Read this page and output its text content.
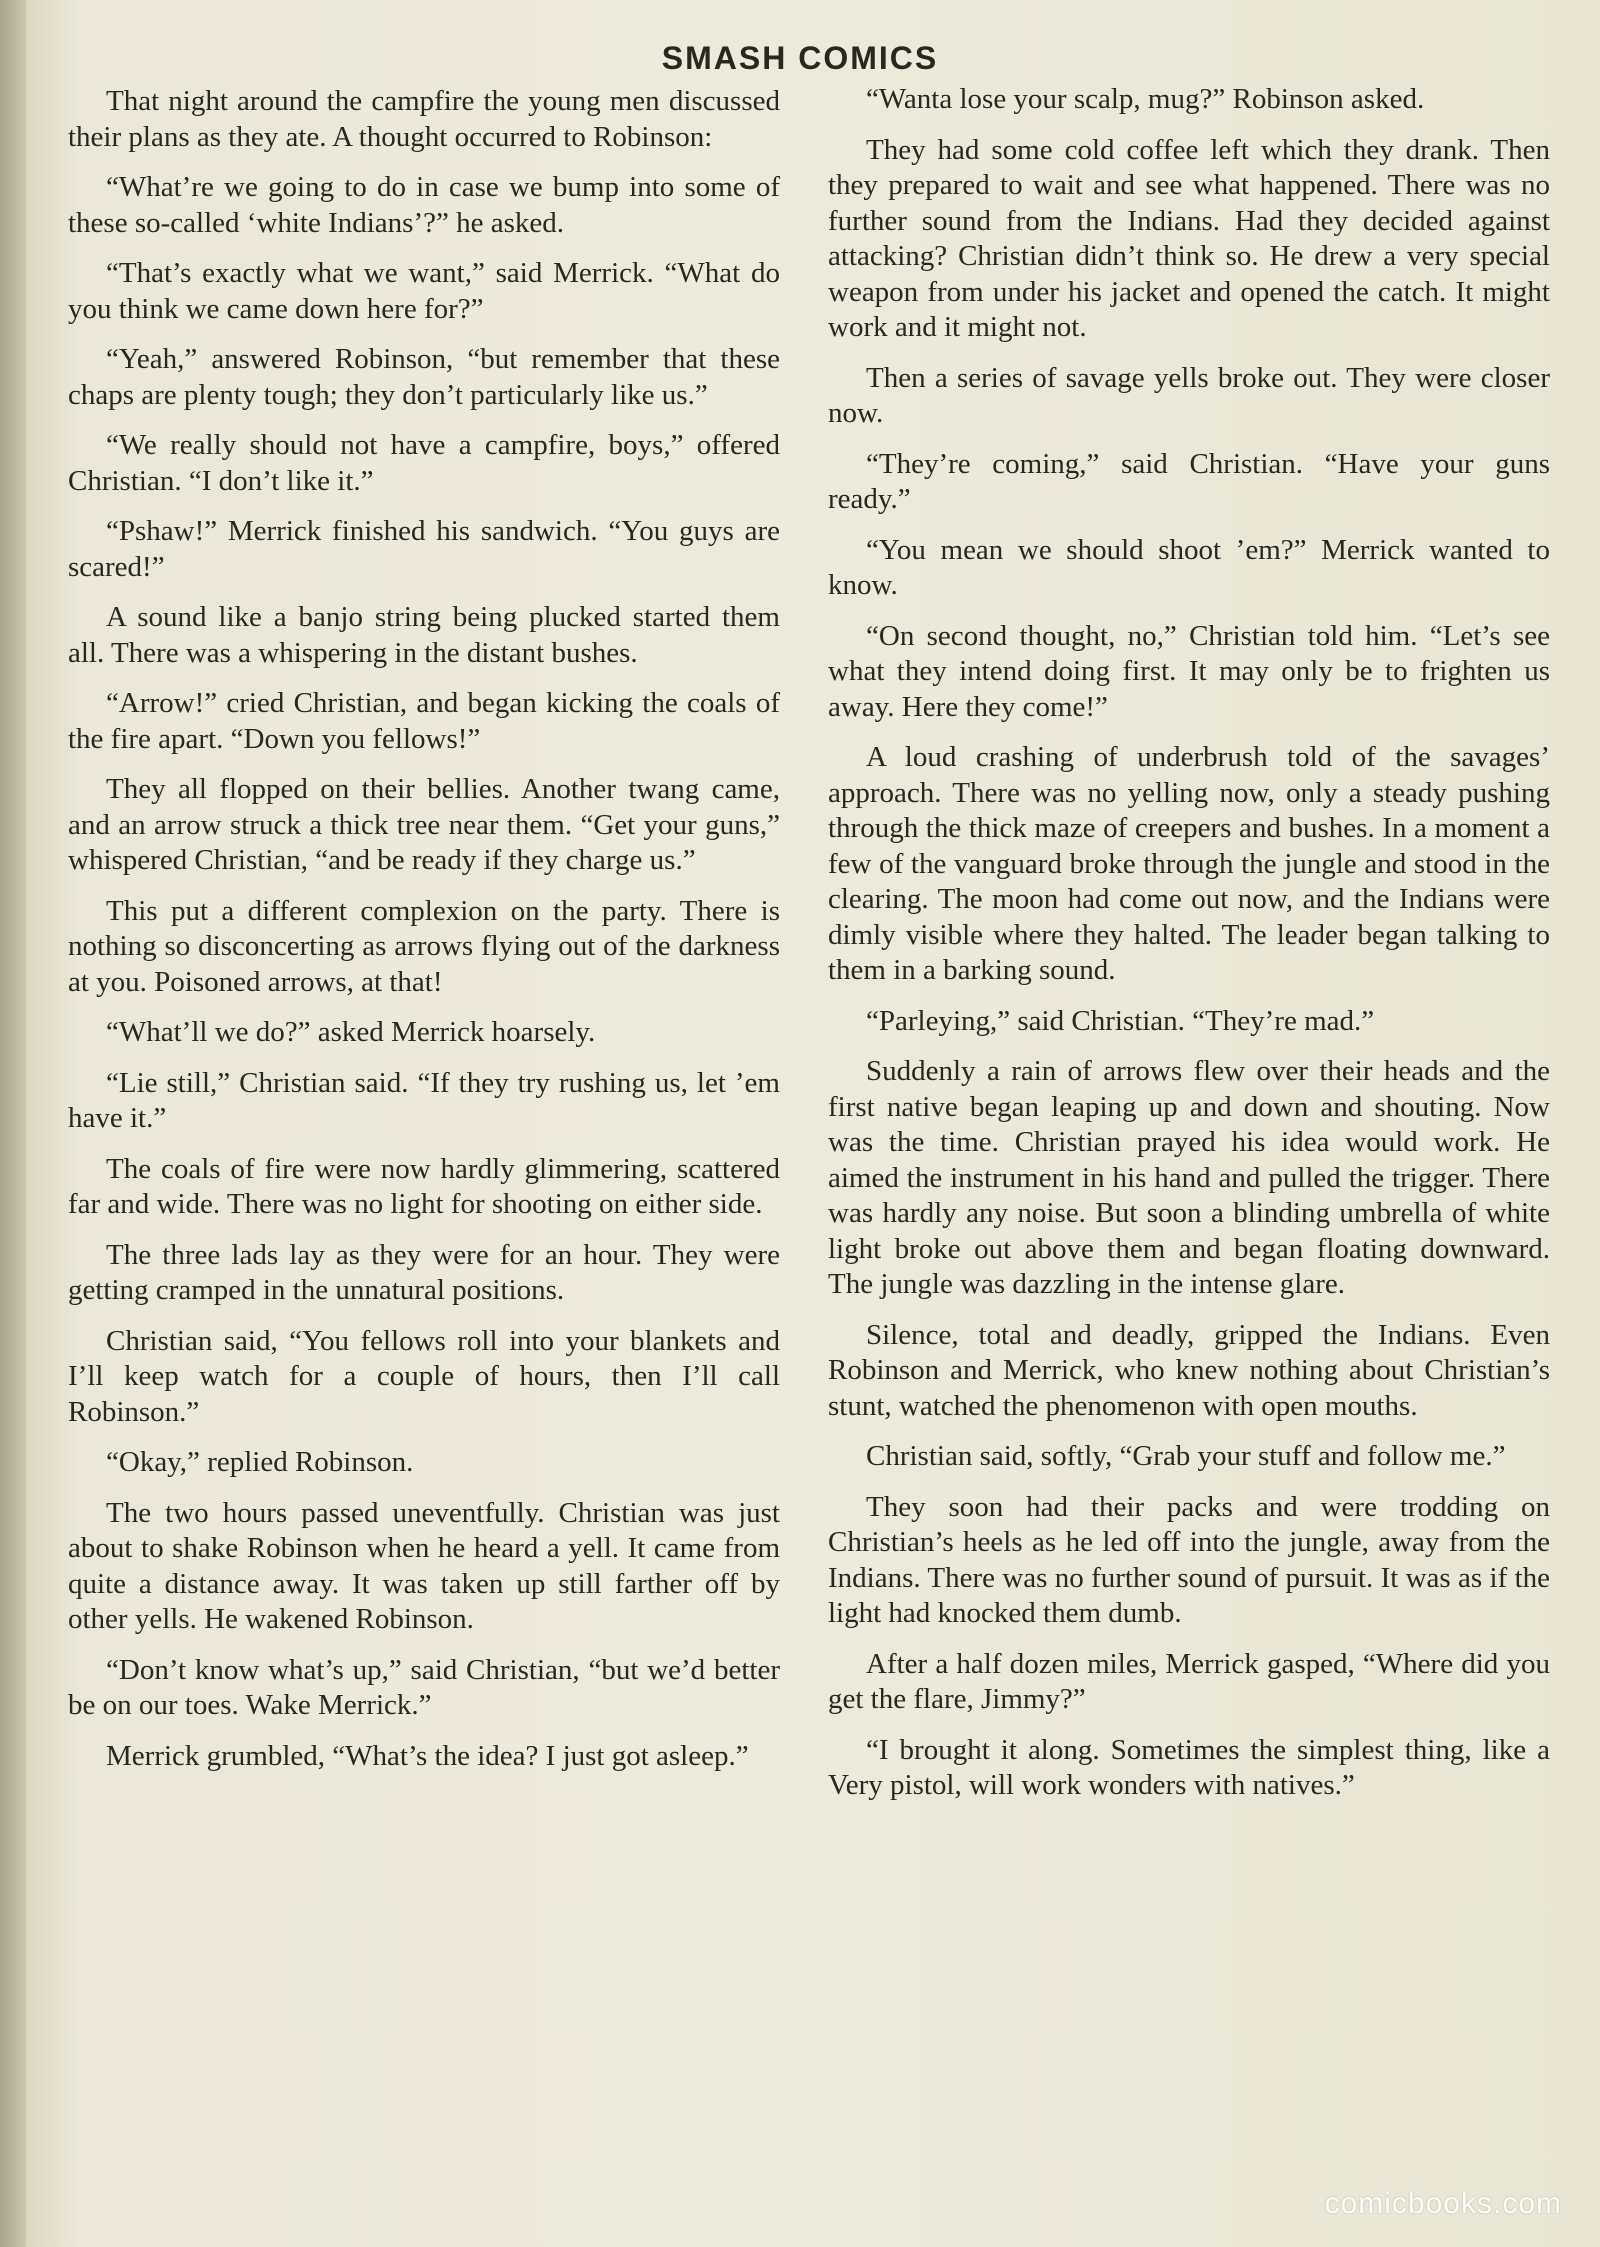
SMASH COMICS

That night around the campfire the young men discussed their plans as they ate. A thought occurred to Robinson:

“What’re we going to do in case we bump into some of these so-called ‘white Indians’?” he asked.

“That’s exactly what we want,” said Merrick. “What do you think we came down here for?”

“Yeah,” answered Robinson, “but remember that these chaps are plenty tough; they don’t particularly like us.”

“We really should not have a campfire, boys,” offered Christian. “I don’t like it.”

“Pshaw!” Merrick finished his sandwich. “You guys are scared!”

A sound like a banjo string being plucked started them all. There was a whispering in the distant bushes.

“Arrow!” cried Christian, and began kicking the coals of the fire apart. “Down you fellows!”

They all flopped on their bellies. Another twang came, and an arrow struck a thick tree near them. “Get your guns,” whispered Christian, “and be ready if they charge us.”

This put a different complexion on the party. There is nothing so disconcerting as arrows flying out of the darkness at you. Poisoned arrows, at that!

“What’ll we do?” asked Merrick hoarsely.

“Lie still,” Christian said. “If they try rushing us, let ’em have it.”

The coals of fire were now hardly glimmering, scattered far and wide. There was no light for shooting on either side.

The three lads lay as they were for an hour. They were getting cramped in the unnatural positions.

Christian said, “You fellows roll into your blankets and I’ll keep watch for a couple of hours, then I’ll call Robinson.”

“Okay,” replied Robinson.

The two hours passed uneventfully. Christian was just about to shake Robinson when he heard a yell. It came from quite a distance away. It was taken up still farther off by other yells. He wakened Robinson.

“Don’t know what’s up,” said Christian, “but we’d better be on our toes. Wake Merrick.”

Merrick grumbled, “What’s the idea? I just got asleep.”

“Wanta lose your scalp, mug?” Robinson asked.

They had some cold coffee left which they drank. Then they prepared to wait and see what happened. There was no further sound from the Indians. Had they decided against attacking? Christian didn’t think so. He drew a very special weapon from under his jacket and opened the catch. It might work and it might not.

Then a series of savage yells broke out. They were closer now.

“They’re coming,” said Christian. “Have your guns ready.”

“You mean we should shoot ’em?” Merrick wanted to know.

“On second thought, no,” Christian told him. “Let’s see what they intend doing first. It may only be to frighten us away. Here they come!”

A loud crashing of underbrush told of the savages’ approach. There was no yelling now, only a steady pushing through the thick maze of creepers and bushes. In a moment a few of the vanguard broke through the jungle and stood in the clearing. The moon had come out now, and the Indians were dimly visible where they halted. The leader began talking to them in a barking sound.

“Parleying,” said Christian. “They’re mad.”

Suddenly a rain of arrows flew over their heads and the first native began leaping up and down and shouting. Now was the time. Christian prayed his idea would work. He aimed the instrument in his hand and pulled the trigger. There was hardly any noise. But soon a blinding umbrella of white light broke out above them and began floating downward. The jungle was dazzling in the intense glare.

Silence, total and deadly, gripped the Indians. Even Robinson and Merrick, who knew nothing about Christian’s stunt, watched the phenomenon with open mouths.

Christian said, softly, “Grab your stuff and follow me.”

They soon had their packs and were trodding on Christian’s heels as he led off into the jungle, away from the Indians. There was no further sound of pursuit. It was as if the light had knocked them dumb.

After a half dozen miles, Merrick gasped, “Where did you get the flare, Jimmy?”

“I brought it along. Sometimes the simplest thing, like a Very pistol, will work wonders with natives.”

comicbooks.com
